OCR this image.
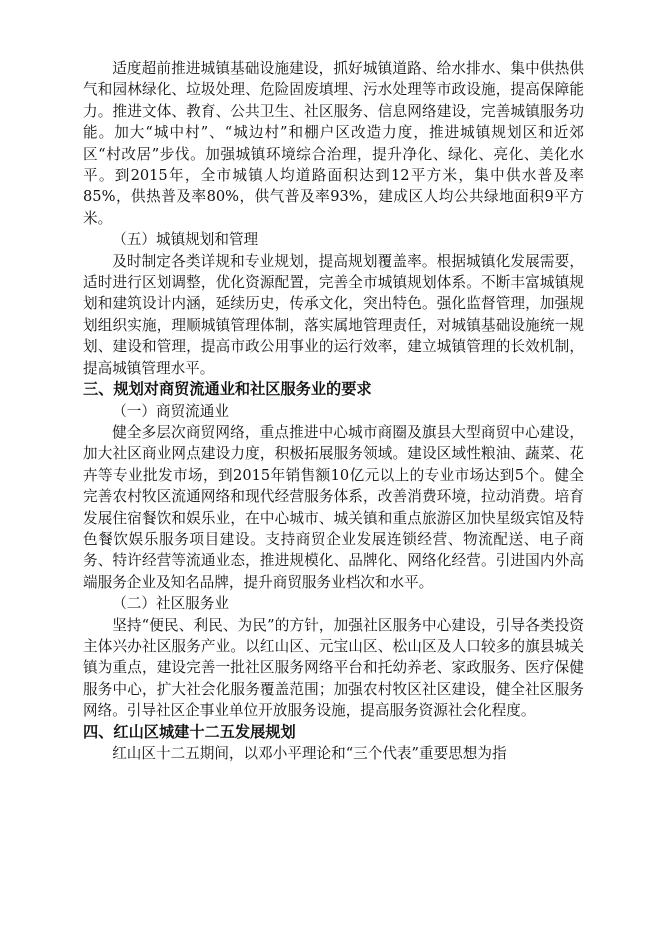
适度超前推进城镇基础设施建设，抓好城镇道路、给水排水、集中供热供气和园林绿化、垃圾处理、危险固废填埋、污水处理等市政设施，提高保障能力。推进文体、教育、公共卫生、社区服务、信息网络建设，完善城镇服务功能。加大“城中村”、“城边村”和棚户区改造力度，推进城镇规划区和近郊区“村改居”步伐。加强城镇环境综合治理，提升净化、绿化、亮化、美化水平。到2015年，全市城镇人均道路面积达到12平方米，集中供水普及率85%，供热普及率80%，供气普及率93%，建成区人均公共绿地面积9平方米。

（五）城镇规划和管理

及时制定各类详规和专业规划，提高规划覆盖率。根据城镇化发展需要，适时进行区划调整，优化资源配置，完善全市城镇规划体系。不断丰富城镇规划和建筑设计内涵，延续历史，传承文化，突出特色。强化监督管理，加强规划组织实施，理顺城镇管理体制，落实属地管理责任，对城镇基础设施统一规划、建设和管理，提高市政公用事业的运行效率，建立城镇管理的长效机制，提高城镇管理水平。

三、规划对商贸流通业和社区服务业的要求

（一）商贸流通业

健全多层次商贸网络，重点推进中心城市商圈及旗县大型商贸中心建设，加大社区商业网点建设力度，积极拓展服务领域。建设区域性粮油、蔬菜、花卉等专业批发市场，到2015年销售额10亿元以上的专业市场达到5个。健全完善农村牧区流通网络和现代经营服务体系，改善消费环境，拉动消费。培育发展住宿餐饮和娱乐业，在中心城市、城关镇和重点旅游区加快星级宾馆及特色餐饮娱乐服务项目建设。支持商贸企业发展连锁经营、物流配送、电子商务、特许经营等流通业态，推进规模化、品牌化、网络化经营。引进国内外高端服务企业及知名品牌，提升商贸服务业档次和水平。

（二）社区服务业

坚持“便民、利民、为民”的方针，加强社区服务中心建设，引导各类投资主体兴办社区服务产业。以红山区、元宝山区、松山区及人口较多的旗县城关镇为重点，建设完善一批社区服务网络平台和托幼养老、家政服务、医疗保健服务中心，扩大社会化服务覆盖范围；加强农村牧区社区建设，健全社区服务网络。引导社区企事业单位开放服务设施，提高服务资源社会化程度。

四、红山区城建十二五发展规划

红山区十二五期间，以邓小平理论和“三个代表”重要思想为指
